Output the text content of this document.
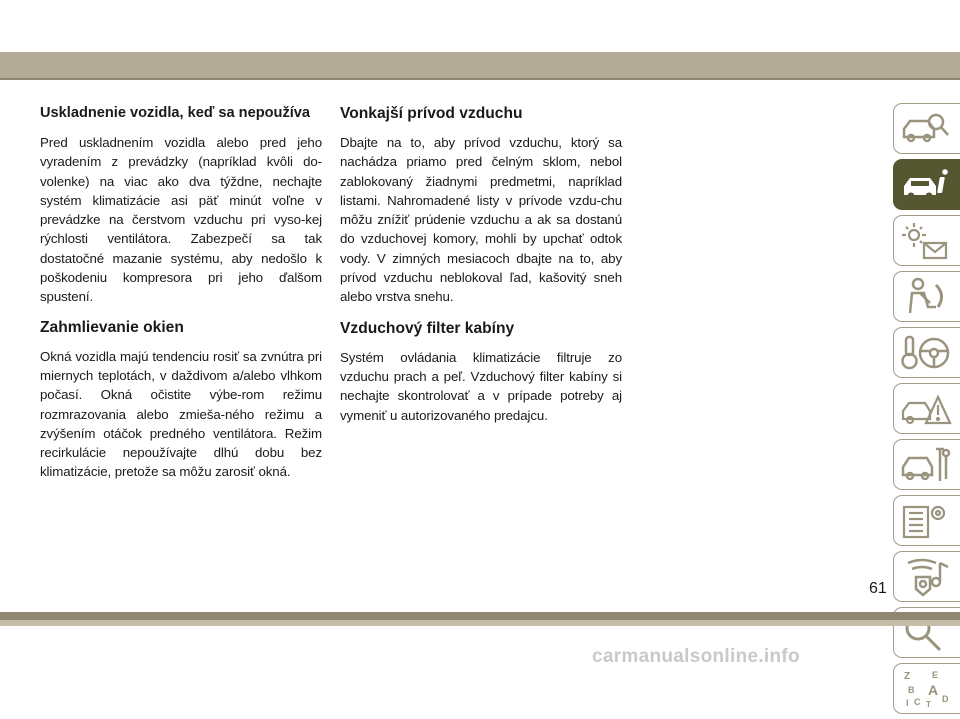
Uskladnenie vozidla, keď sa nepoužíva

Pred uskladnením vozidla alebo pred jeho vyradením z prevádzky (napríklad kvôli do-volenke) na viac ako dva týždne, nechajte systém klimatizácie asi päť minút voľne v prevádzke na čerstvom vzduchu pri vyso-kej rýchlosti ventilátora. Zabezpečí sa tak dostatočné mazanie systému, aby nedošlo k poškodeniu kompresora pri jeho ďalšom spustení.

Zahmlievanie okien

Okná vozidla majú tendenciu rosiť sa zvnútra pri miernych teplotách, v daždivom a/alebo vlhkom počasí. Okná očistite výbe-rom režimu rozmrazovania alebo zmieša-ného režimu a zvýšením otáčok predného ventilátora. Režim recirkulácie nepoužívajte dlhú dobu bez klimatizácie, pretože sa môžu zarosiť okná.

Vonkajší prívod vzduchu

Dbajte na to, aby prívod vzduchu, ktorý sa nachádza priamo pred čelným sklom, nebol zablokovaný žiadnymi predmetmi, napríklad listami. Nahromadené listy v prívode vzdu-chu môžu znížiť prúdenie vzduchu a ak sa dostanú do vzduchovej komory, mohli by upchať odtok vody. V zimných mesiacoch dbajte na to, aby prívod vzduchu neblokoval ľad, kašovitý sneh alebo vrstva snehu.

Vzduchový filter kabíny

Systém ovládania klimatizácie filtruje zo vzduchu prach a peľ. Vzduchový filter kabíny si nechajte skontrolovať a v prípade potreby aj vymeniť u autorizovaného predajcu.

Z E
B A
I C D
T
61
carmanualsonline.info
